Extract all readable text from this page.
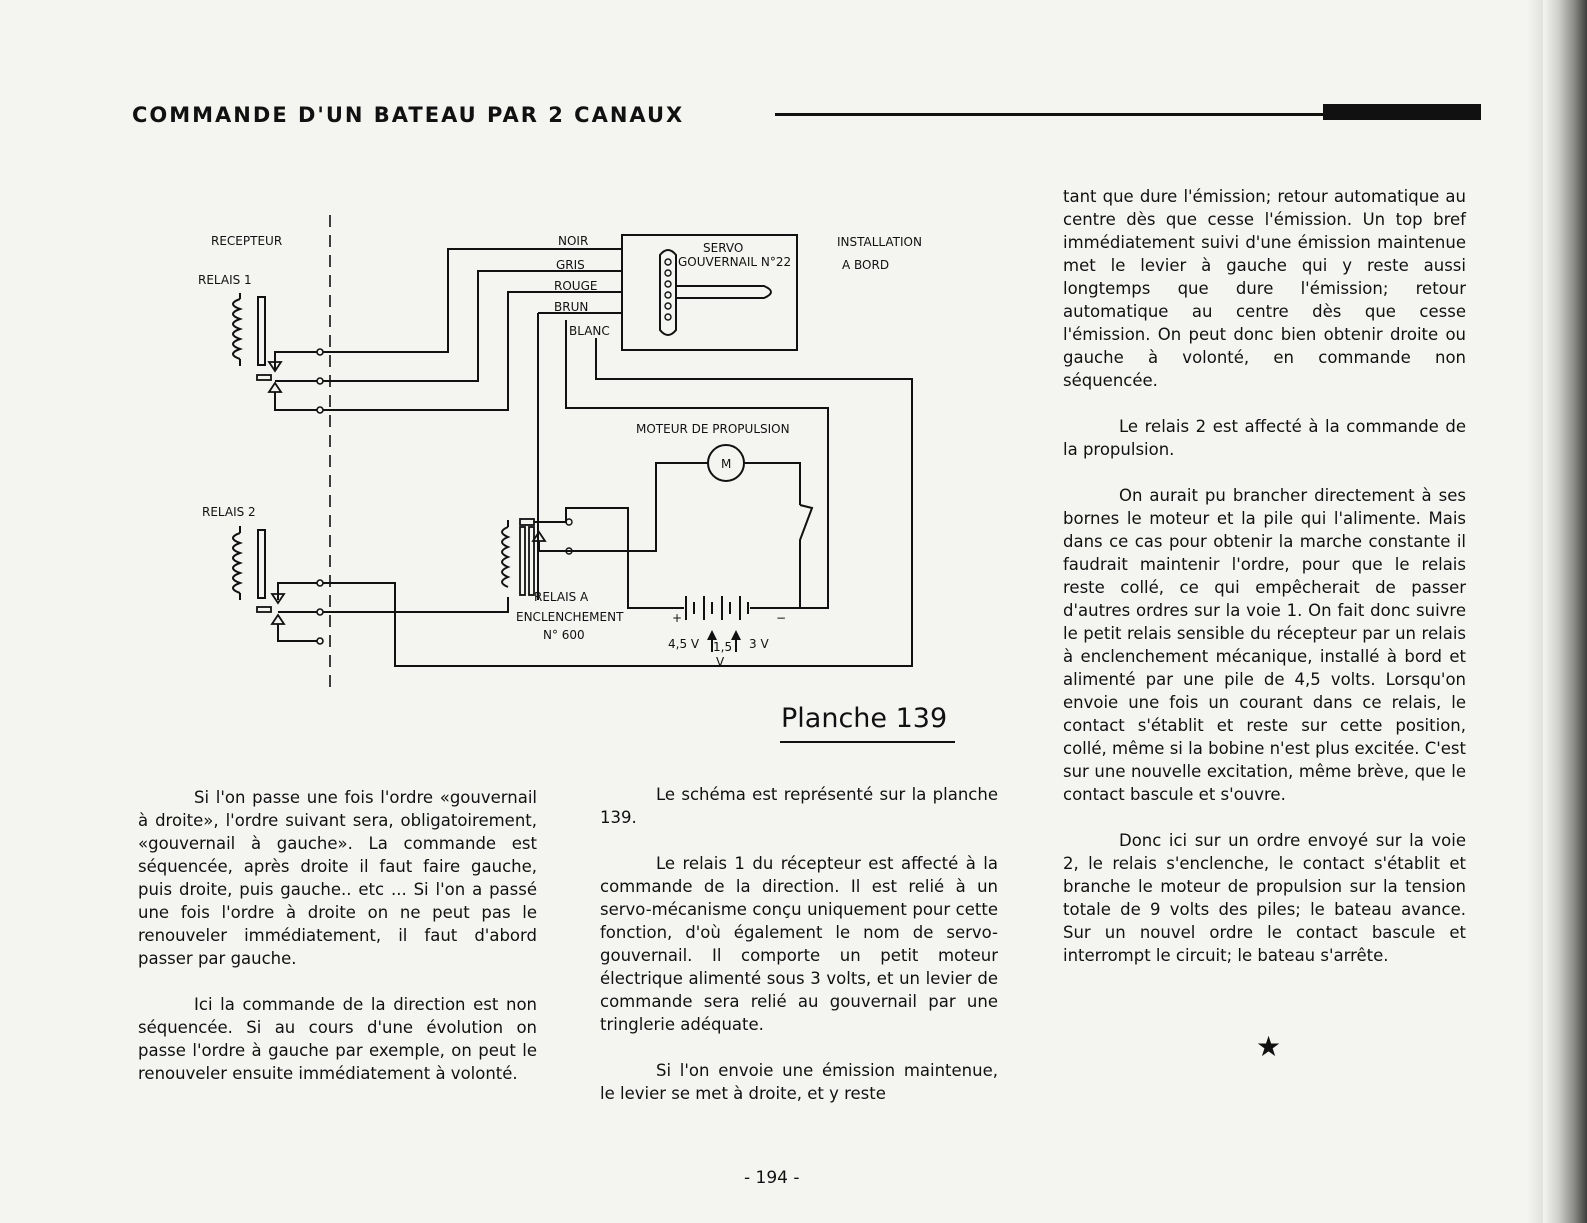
COMMANDE D'UN BATEAU PAR 2 CANAUX
RECEPTEUR
RELAIS 1
RELAIS 2
NOIR
GRIS
ROUGE
BRUN
BLANC
SERVO
GOUVERNAIL N°22
INSTALLATION
A BORD
MOTEUR DE PROPULSION
RELAIS A
ENCLENCHEMENT
N° 600
4,5 V 1,5
V
3 V
+	−
M
Planche 139

Si l'on passe une fois l'ordre «gouvernail à droite», l'ordre suivant sera, obligatoirement, «gouvernail à gauche». La commande est séquencée, après droite il faut faire gauche, puis droite, puis gauche.. etc ... Si l'on a passé une fois l'ordre à droite on ne peut pas le renouveler immédiatement, il faut d'abord passer par gauche.

Ici la commande de la direction est non séquencée. Si au cours d'une évolution on passe l'ordre à gauche par exemple, on peut le renouveler ensuite immédiatement à volonté.

Le schéma est représenté sur la planche 139.

Le relais 1 du récepteur est affecté à la commande de la direction. Il est relié à un servo-mécanisme conçu uniquement pour cette fonction, d'où également le nom de servo-gouvernail. Il comporte un petit moteur électrique alimenté sous 3 volts, et un levier de commande sera relié au gouvernail par une tringlerie adéquate.

Si l'on envoie une émission maintenue, le levier se met à droite, et y reste

tant que dure l'émission; retour automatique au centre dès que cesse l'émission. Un top bref immédiatement suivi d'une émission maintenue met le levier à gauche qui y reste aussi longtemps que dure l'émission; retour automatique au centre dès que cesse l'émission. On peut donc bien obtenir droite ou gauche à volonté, en commande non séquencée.

Le relais 2 est affecté à la commande de la propulsion.

On aurait pu brancher directement à ses bornes le moteur et la pile qui l'alimente. Mais dans ce cas pour obtenir la marche constante il faudrait maintenir l'ordre, pour que le relais reste collé, ce qui empêcherait de passer d'autres ordres sur la voie 1. On fait donc suivre le petit relais sensible du récepteur par un relais à enclenchement mécanique, installé à bord et alimenté par une pile de 4,5 volts. Lorsqu'on envoie une fois un courant dans ce relais, le contact s'établit et reste sur cette position, collé, même si la bobine n'est plus excitée. C'est sur une nouvelle excitation, même brève, que le contact bascule et s'ouvre.

Donc ici sur un ordre envoyé sur la voie 2, le relais s'enclenche, le contact s'établit et branche le moteur de propulsion sur la tension totale de 9 volts des piles; le bateau avance. Sur un nouvel ordre le contact bascule et interrompt le circuit; le bateau s'arrête.

★
- 194 -
